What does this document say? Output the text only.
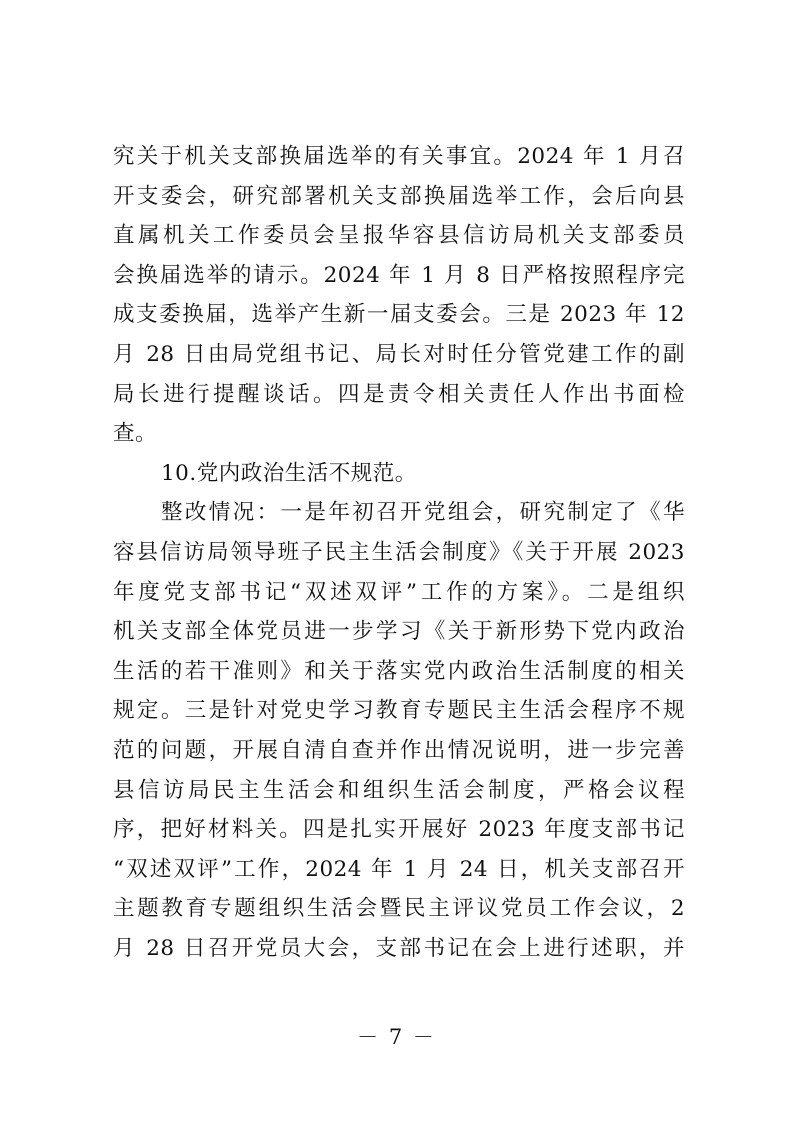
究关于机关支部换届选举的有关事宜。2024 年 1 月召
开支委会，研究部署机关支部换届选举工作，会后向县
直属机关工作委员会呈报华容县信访局机关支部委员
会换届选举的请示。2024 年 1 月 8 日严格按照程序完
成支委换届，选举产生新一届支委会。三是 2023 年 12
月 28 日由局党组书记、局长对时任分管党建工作的副
局长进行提醒谈话。四是责令相关责任人作出书面检
查。
10.党内政治生活不规范。
整改情况：一是年初召开党组会，研究制定了《华
容县信访局领导班子民主生活会制度》《关于开展 2023
年度党支部书记“双述双评”工作的方案》。二是组织
机关支部全体党员进一步学习《关于新形势下党内政治
生活的若干准则》和关于落实党内政治生活制度的相关
规定。三是针对党史学习教育专题民主生活会程序不规
范的问题，开展自清自查并作出情况说明，进一步完善
县信访局民主生活会和组织生活会制度，严格会议程
序，把好材料关。四是扎实开展好 2023 年度支部书记
“双述双评”工作，2024 年 1 月 24 日，机关支部召开
主题教育专题组织生活会暨民主评议党员工作会议，2
月 28 日召开党员大会，支部书记在会上进行述职，并
－ 7 －
